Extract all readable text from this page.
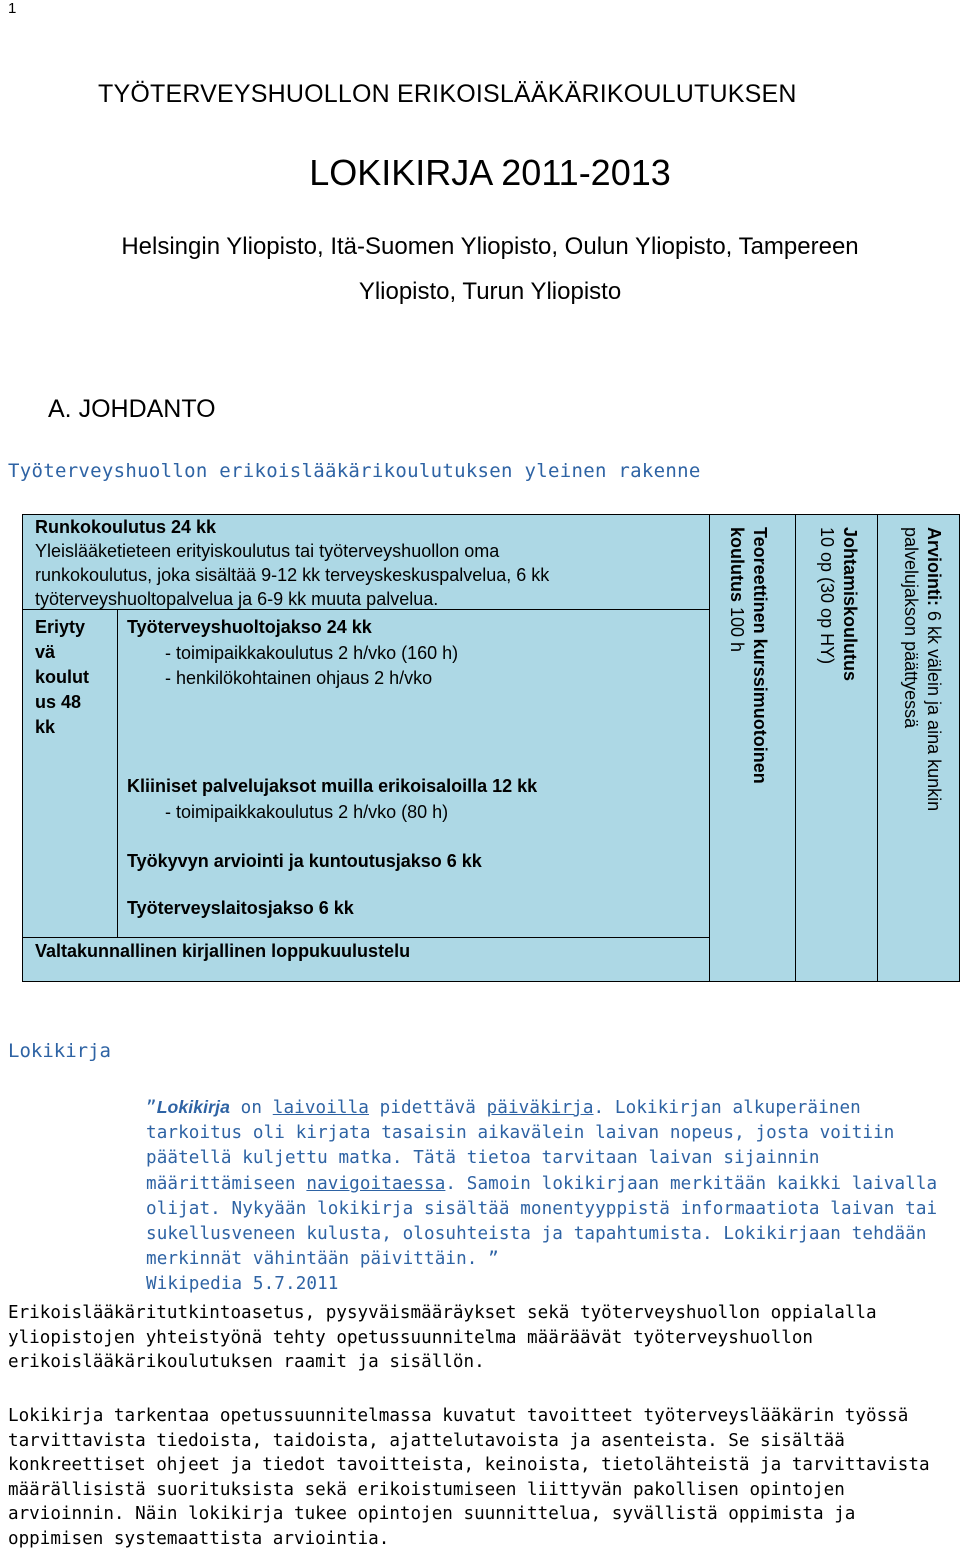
1
TYÖTERVEYSHUOLLON ERIKOISLÄÄKÄRIKOULUTUKSEN
LOKIKIRJA 2011-2013
Helsingin Yliopisto, Itä-Suomen Yliopisto, Oulun Yliopisto, Tampereen
Yliopisto, Turun Yliopisto
A. JOHDANTO
Työterveyshuollon erikoislääkärikoulutuksen yleinen rakenne
Runkokoulutus 24 kk
Yleislääketieteen erityiskoulutus tai työterveyshuollon oma
runkokoulutus, joka sisältää 9-12 kk terveyskeskuspalvelua, 6 kk
työterveyshuoltopalvelua ja 6-9 kk muuta palvelua.
Eriyty
vä
koulut
us 48
kk
Työterveyshuoltojakso 24 kk
- toimipaikkakoulutus 2 h/vko (160 h)
- henkilökohtainen ohjaus 2 h/vko
Kliiniset palvelujaksot muilla erikoisaloilla 12 kk
- toimipaikkakoulutus 2 h/vko (80 h)
Työkyvyn arviointi ja kuntoutusjakso 6 kk
Työterveyslaitosjakso 6 kk
Valtakunnallinen kirjallinen loppukuulustelu
Teoreettinen kurssimuotoinen
koulutus 100 h	Johtamiskoulutus
10 op (30 op HY)	Arviointi: 6 kk välein ja aina kunkin
palvelujakson päättyessä
Lokikirja
”Lokikirja on laivoilla pidettävä päiväkirja. Lokikirjan alkuperäinen tarkoitus oli kirjata tasaisin aikavälein laivan nopeus, josta voitiin päätellä kuljettu matka. Tätä tietoa tarvitaan laivan sijainnin määrittämiseen navigoitaessa. Samoin lokikirjaan merkitään kaikki laivalla olijat. Nykyään lokikirja sisältää monentyyppistä informaatiota laivan tai sukellusveneen kulusta, olosuhteista ja tapahtumista. Lokikirjaan tehdään merkinnät vähintään päivittäin. ”
Wikipedia 5.7.2011
Erikoislääkäritutkintoasetus, pysyväismääräykset sekä työterveyshuollon oppialalla yliopistojen yhteistyönä tehty opetussuunnitelma määräävät työterveyshuollon erikoislääkärikoulutuksen raamit ja sisällön.
Lokikirja tarkentaa opetussuunnitelmassa kuvatut tavoitteet työterveyslääkärin työssä tarvittavista tiedoista, taidoista, ajattelutavoista ja asenteista. Se sisältää konkreettiset ohjeet ja tiedot tavoitteista, keinoista, tietolähteistä ja tarvittavista määrällisistä suorituksista sekä erikoistumiseen liittyvän pakollisen opintojen arvioinnin. Näin lokikirja tukee opintojen suunnittelua, syvällistä oppimista ja oppimisen systemaattista arviointia.
